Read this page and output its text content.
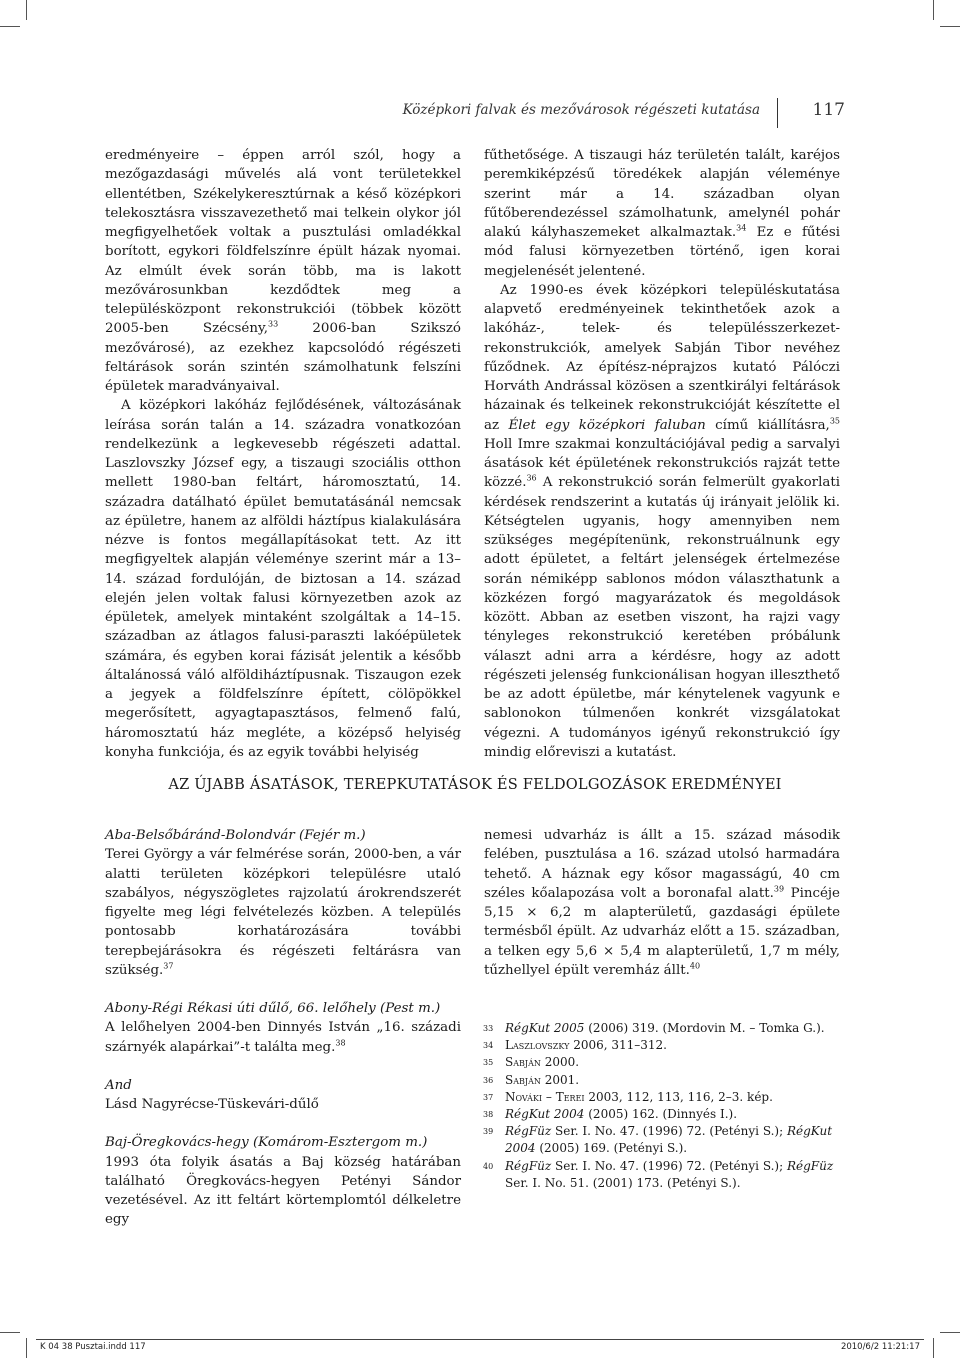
Középkori falvak és mezővárosok régészeti kutatása	117

eredményeire – éppen arról szól, hogy a mezőgazdasági művelés alá vont területekkel ellentétben, Székelykeresztúrnak a késő középkori telekosztásra visszavezethető mai telkein olykor jól megfigyelhetőek voltak a pusztulási omladékkal borított, egykori földfelszínre épült házak nyomai. Az elmúlt évek során több, ma is lakott mezővárosunkban kezdődtek meg a településközpont rekonstrukciói (többek között 2005-ben Szécsény,$^{33}$ 2006-ban Szikszó mezővárosé), az ezekhez kapcsolódó régészeti feltárások során szintén számolhatunk felszíni épületek maradványaival.

A középkori lakóház fejlődésének, változásának leírása során talán a 14. századra vonatkozóan rendelkezünk a legkevesebb régészeti adattal. Laszlovszky József egy, a tiszaugi szociális otthon mellett 1980-ban feltárt, háromosztatú, 14. századra datálható épület bemutatásánál nemcsak az épületre, hanem az alföldi háztípus kialakulására nézve is fontos megállapításokat tett. Az itt megfigyeltek alapján véleménye szerint már a 13–14. század fordulóján, de biztosan a 14. század elején jelen voltak falusi környezetben azok az épületek, amelyek mintaként szolgáltak a 14–15. században az átlagos falusi-paraszti lakóépületek számára, és egyben korai fázisát jelentik a később általánossá váló alföldiháztípusnak. Tiszaugon ezek a jegyek a földfelszínre épített, cölöpökkel megerősített, agyagtapasztásos, felmenő falú, háromosztatú ház megléte, a középső helyiség konyha funkciója, és az egyik további helyiség

fűthetősége. A tiszaugi ház területén talált, karéjos peremkiképzésű töredékek alapján véleménye szerint már a 14. században olyan fűtőberendezéssel számolhatunk, amelynél pohár alakú kályhaszemeket alkalmaztak.$^{34}$ Ez e fűtési mód falusi környezetben történő, igen korai megjelenését jelentené.

Az 1990-es évek középkori településkutatása alapvető eredményeinek tekinthetőek azok a lakóház-, telek- és településszerkezet-rekonstrukciók, amelyek Sabján Tibor nevéhez fűződnek. Az építész-néprajzos kutató Pálóczi Horváth Andrással közösen a szentkirályi feltárások házainak és telkeinek rekonstrukcióját készítette el az Élet egy középkori faluban című kiállításra,$^{35}$ Holl Imre szakmai konzultációjával pedig a sarvalyi ásatások két épületének rekonstrukciós rajzát tette közzé.$^{36}$ A rekonstrukció során felmerült gyakorlati kérdések rendszerint a kutatás új irányait jelölik ki. Kétségtelen ugyanis, hogy amennyiben nem szükséges megépítenünk, rekonstruálnunk egy adott épületet, a feltárt jelenségek értelmezése során némiképp sablonos módon választhatunk a közkézen forgó magyarázatok és megoldások között. Abban az esetben viszont, ha rajzi vagy tényleges rekonstrukció keretében próbálunk választ adni arra a kérdésre, hogy az adott régészeti jelenség funkcionálisan hogyan illeszthető be az adott épületbe, már kénytelenek vagyunk e sablonokon túlmenően konkrét vizsgálatokat végezni. A tudományos igényű rekonstrukció így mindig előreviszi a kutatást.

AZ ÚJABB ÁSATÁSOK, TEREPKUTATÁSOK ÉS FELDOLGOZÁSOK EREDMÉNYEI
Aba-Belsőbáránd-Bolondvár (Fejér m.)
Terei György a vár felmérése során, 2000-ben, a vár alatti területen középkori településre utaló szabályos, négyszögletes rajzolatú árokrendszerét figyelte meg légi felvételezés közben. A település pontosabb korhatározására további terepbejárásokra és régészeti feltárásra van szükség.$^{37}$
Abony-Régi Rékasi úti dűlő, 66. lelőhely (Pest m.)
A lelőhelyen 2004-ben Dinnyés István „16. századi szárnyék alapárkai”-t találta meg.$^{38}$
And
Lásd Nagyrécse-Tüskevári-dűlő
Baj-Öregkovács-hegy (Komárom-Esztergom m.)
1993 óta folyik ásatás a Baj község határában található Öregkovács-hegyen Petényi Sándor vezetésével. Az itt feltárt körtemplomtól délkeletre egy

nemesi udvarház is állt a 15. század második felében, pusztulása a 16. század utolsó harmadára tehető. A háznak egy kősor magasságú, 40 cm széles kőalapozása volt a boronafal alatt.$^{39}$ Pincéje 5,15 × 6,2 m alapterületű, gazdasági épülete termésből épült. Az udvarház előtt a 15. században, a telken egy 5,6 × 5,4 m alapterületű, 1,7 m mély, tűzhellyel épült veremház állt.$^{40}$

33 RégKut 2005 (2006) 319. (Mordovin M. – Tomka G.).
34 Laszlovszky 2006, 311–312.
35 Sabján 2000.
36 Sabján 2001.
37 Nováki – Terei 2003, 112, 113, 116, 2–3. kép.
38 RégKut 2004 (2005) 162. (Dinnyés I.).
39 RégFüz Ser. I. No. 47. (1996) 72. (Petényi S.); RégKut 2004 (2005) 169. (Petényi S.).
40 RégFüz Ser. I. No. 47. (1996) 72. (Petényi S.); RégFüz Ser. I. No. 51. (2001) 173. (Petényi S.).
K 04 38 Pusztai.indd 117	2010/6/2 11:21:17
